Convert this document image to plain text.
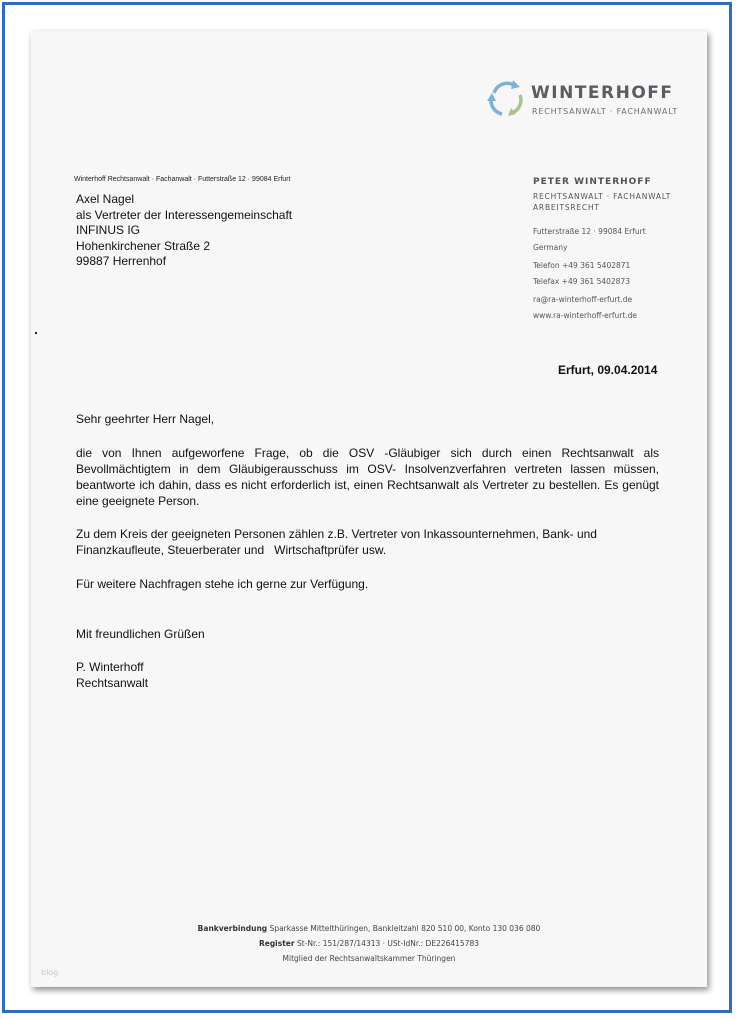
WINTERHOFF
RECHTSANWALT · FACHANWALT
Winterhoff Rechtsanwalt · Fachanwalt · Futterstraße 12 · 99084 Erfurt
Axel Nagel
als Vertreter der Interessengemeinschaft
INFINUS IG
Hohenkirchener Straße 2
99887 Herrenhof
PETER WINTERHOFF
RECHTSANWALT · FACHANWALT
ARBEITSRECHT
Futterstraße 12 · 99084 Erfurt
Germany
Telefon +49 361 5402871
Telefax +49 361 5402873
ra@ra-winterhoff-erfurt.de
www.ra-winterhoff-erfurt.de
Erfurt, 09.04.2014

Sehr geehrter Herr Nagel,

die von Ihnen aufgeworfene Frage, ob die OSV -Gläubiger sich durch einen Rechtsanwalt als Bevollmächtigtem in dem Gläubigerausschuss im OSV- Insolvenzverfahren vertreten lassen müssen, beantworte ich dahin, dass es nicht erforderlich ist, einen Rechtsanwalt als Vertreter zu bestellen. Es genügt eine geeignete Person.

Zu dem Kreis der geeigneten Personen zählen z.B. Vertreter von Inkassounternehmen, Bank- und

Finanzkaufleute, Steuerberater und   Wirtschaftprüfer usw.

Für weitere Nachfragen stehe ich gerne zur Verfügung.

Mit freundlichen Grüßen

P. Winterhoff

Rechtsanwalt

Bankverbindung Sparkasse Mittelthüringen, Bankleitzahl 820 510 00, Konto 130 036 080
Register St-Nr.: 151/287/14313 · USt-IdNr.: DE226415783
Mitglied der Rechtsanwaltskammer Thüringen
blog
